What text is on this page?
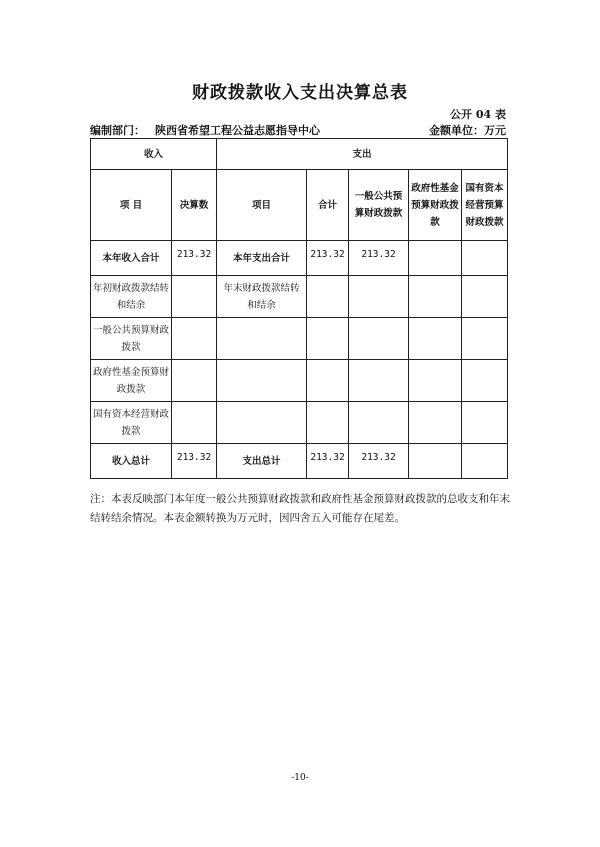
财政拨款收入支出决算总表
公开 04 表
编制部门： 陕西省希望工程公益志愿指导中心	金额单位：万元
收入		支出				
项 目	决算数	项目	合计	一般公共预算财政拨款	政府性基金预算财政拨款	国有资本经营预算财政拨款
本年收入合计	213.32	本年支出合计	213.32	213.32		
年初财政拨款结转和结余		年末财政拨款结转和结余				
一般公共预算财政拨款						
政府性基金预算财政拨款						
国有资本经营财政拨款						
收入总计	213.32	支出总计	213.32	213.32		
注：本表反映部门本年度一般公共预算财政拨款和政府性基金预算财政拨款的总收支和年末结转结余情况。本表金额转换为万元时，因四舍五入可能存在尾差。
-10-
